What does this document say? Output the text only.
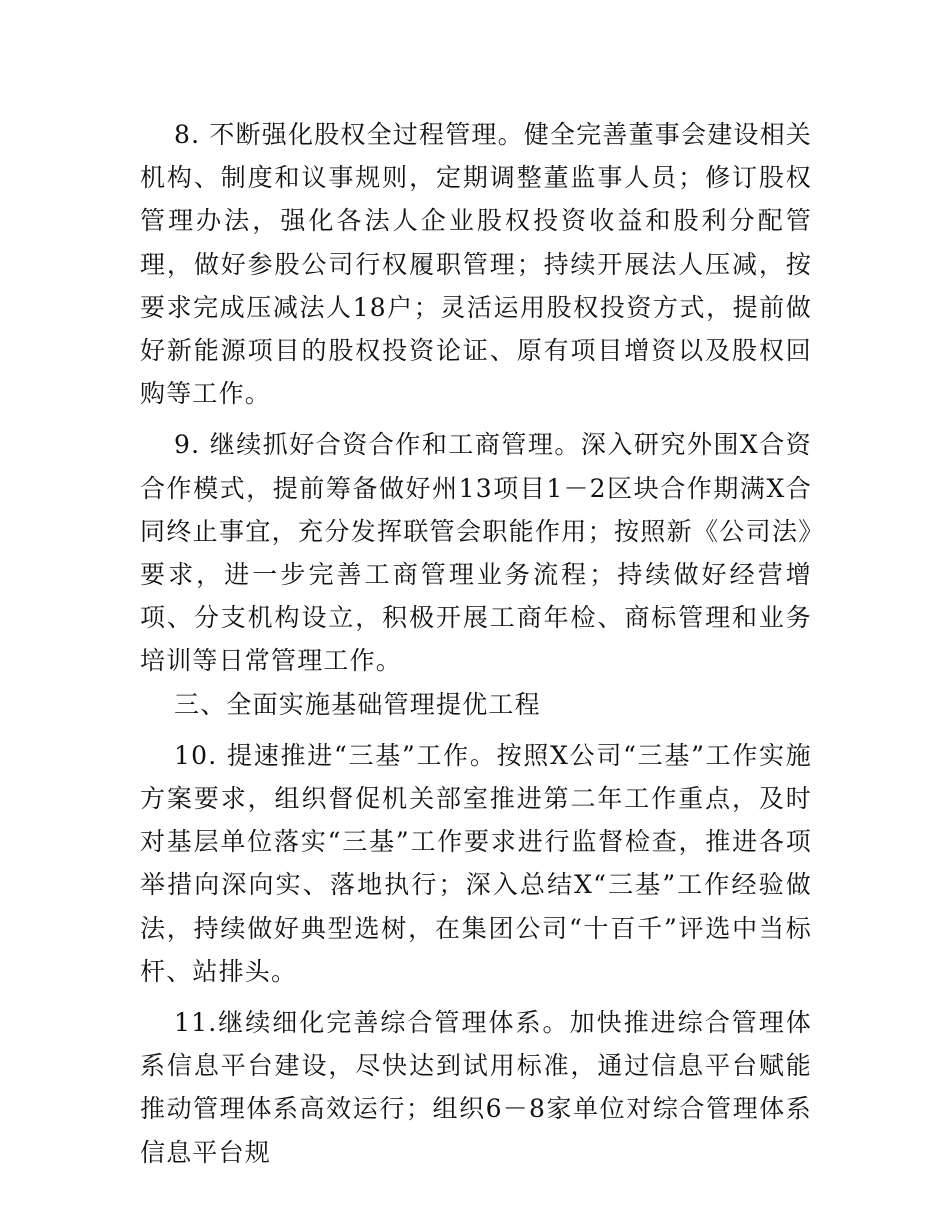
8. 不断强化股权全过程管理。健全完善董事会建设相关机构、制度和议事规则，定期调整董监事人员；修订股权管理办法，强化各法人企业股权投资收益和股利分配管理，做好参股公司行权履职管理；持续开展法人压减，按要求完成压减法人18户；灵活运用股权投资方式，提前做好新能源项目的股权投资论证、原有项目增资以及股权回购等工作。

9. 继续抓好合资合作和工商管理。深入研究外围X合资合作模式，提前筹备做好州13项目1－2区块合作期满X合同终止事宜，充分发挥联管会职能作用；按照新《公司法》要求，进一步完善工商管理业务流程；持续做好经营增项、分支机构设立，积极开展工商年检、商标管理和业务培训等日常管理工作。

三、全面实施基础管理提优工程

10. 提速推进“三基”工作。按照X公司“三基”工作实施方案要求，组织督促机关部室推进第二年工作重点，及时对基层单位落实“三基”工作要求进行监督检查，推进各项举措向深向实、落地执行；深入总结X“三基”工作经验做法，持续做好典型选树，在集团公司“十百千”评选中当标杆、站排头。

11.继续细化完善综合管理体系。加快推进综合管理体系信息平台建设，尽快达到试用标准，通过信息平台赋能推动管理体系高效运行；组织6－8家单位对综合管理体系信息平台规
